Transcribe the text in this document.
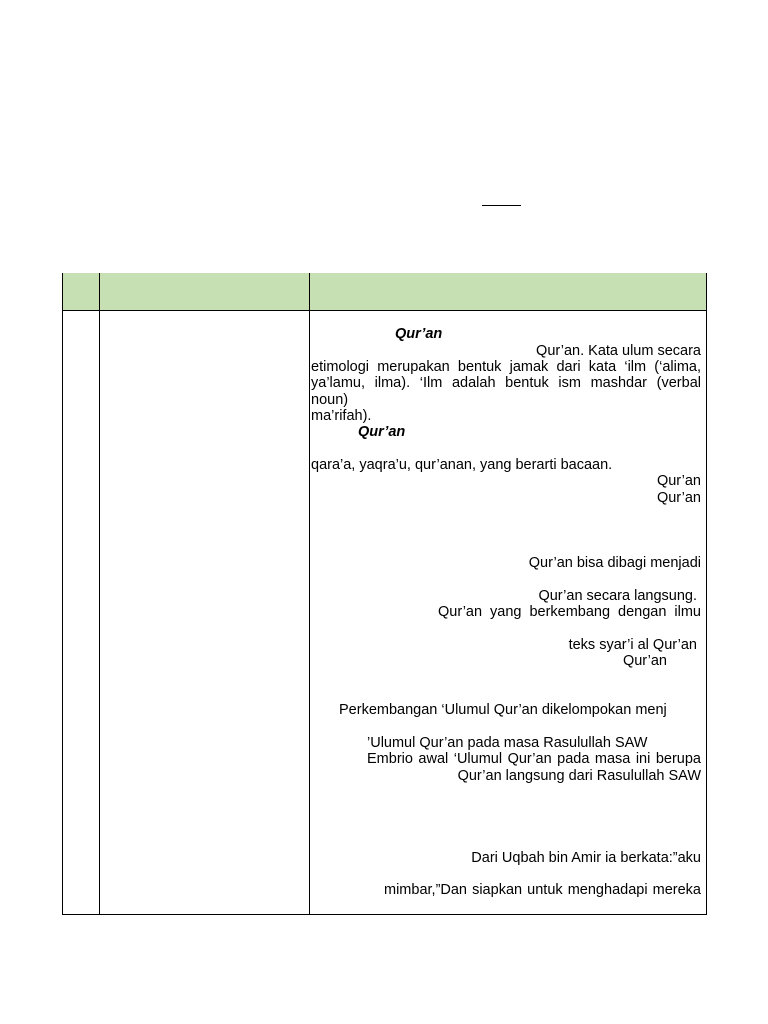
Qur’an
Qur’an. Kata ulum secara
etimologi merupakan bentuk jamak dari kata ‘ilm (‘alima,
ya’lamu, ilma). ‘Ilm adalah bentuk ism mashdar (verbal noun)
ma’rifah).
Qur’an
qara’a, yaqra’u, qur’anan, yang berarti bacaan.
Qur’an
Qur’an
Qur’an bisa dibagi menjadi
Qur’an secara langsung.
Qur’an yang berkembang dengan ilmu
teks syar’i al Qur’an
Qur’an
Perkembangan ‘Ulumul Qur’an dikelompokan menj
’Ulumul Qur’an pada masa Rasulullah SAW
Embrio awal ‘Ulumul Qur’an pada masa ini berupa
Qur’an langsung dari Rasulullah SAW
Dari Uqbah bin Amir ia berkata:”aku
mimbar,”Dan siapkan untuk menghadapi mereka
